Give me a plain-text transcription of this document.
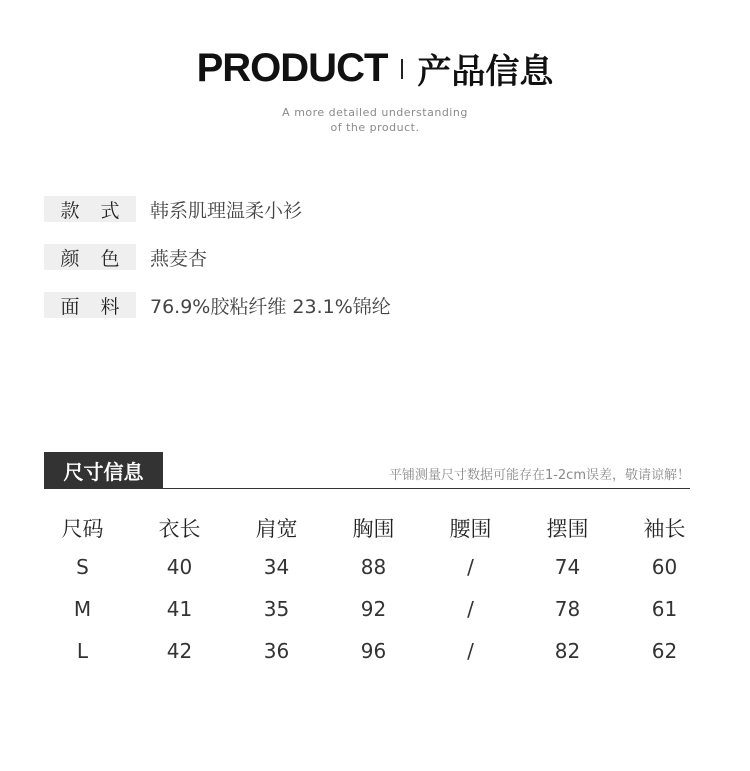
PRODUCT 产品信息
A more detailed understanding
of the product.
款 式 韩系肌理温柔小衫
颜 色 燕麦杏
面 料 76.9%胶粘纤维 23.1%锦纶
尺寸信息	平铺测量尺寸数据可能存在1-2cm误差，敬请谅解！
尺码	衣长	肩宽	胸围	腰围	摆围	袖长
S	40	34	88	/	74	60
M	41	35	92	/	78	61
L	42	36	96	/	82	62
